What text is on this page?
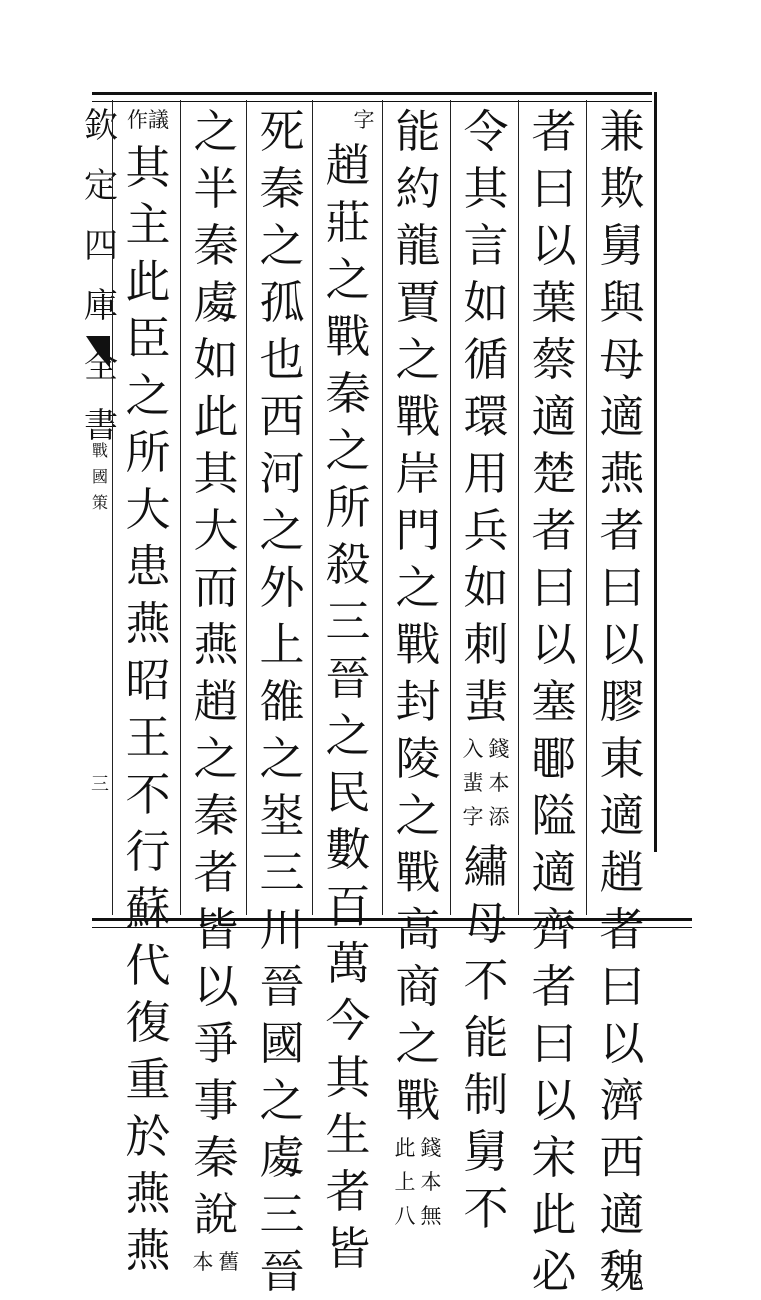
欽定四庫全書
戰國策
三
兼欺舅與母適燕者曰以膠東適趙者曰以濟西適魏
者曰以葉蔡適楚者曰以塞鄳隘適齊者曰以宋此必
令其言如循環用兵如刺蜚
錢本添
入蜚字
繡母不能制舅不
能約龍賈之戰岸門之戰封陵之戰高商之戰
錢本無
此上八
字
趙莊之戰秦之所殺三晉之民數百萬今其生者皆
死秦之孤也西河之外上雒之埊三川晉國之䖏三晉
之半秦䖏如此其大而燕趙之秦者皆以爭事秦說
舊
本
作議
其主此臣之所大患燕昭王不行蘇代復重於燕燕
